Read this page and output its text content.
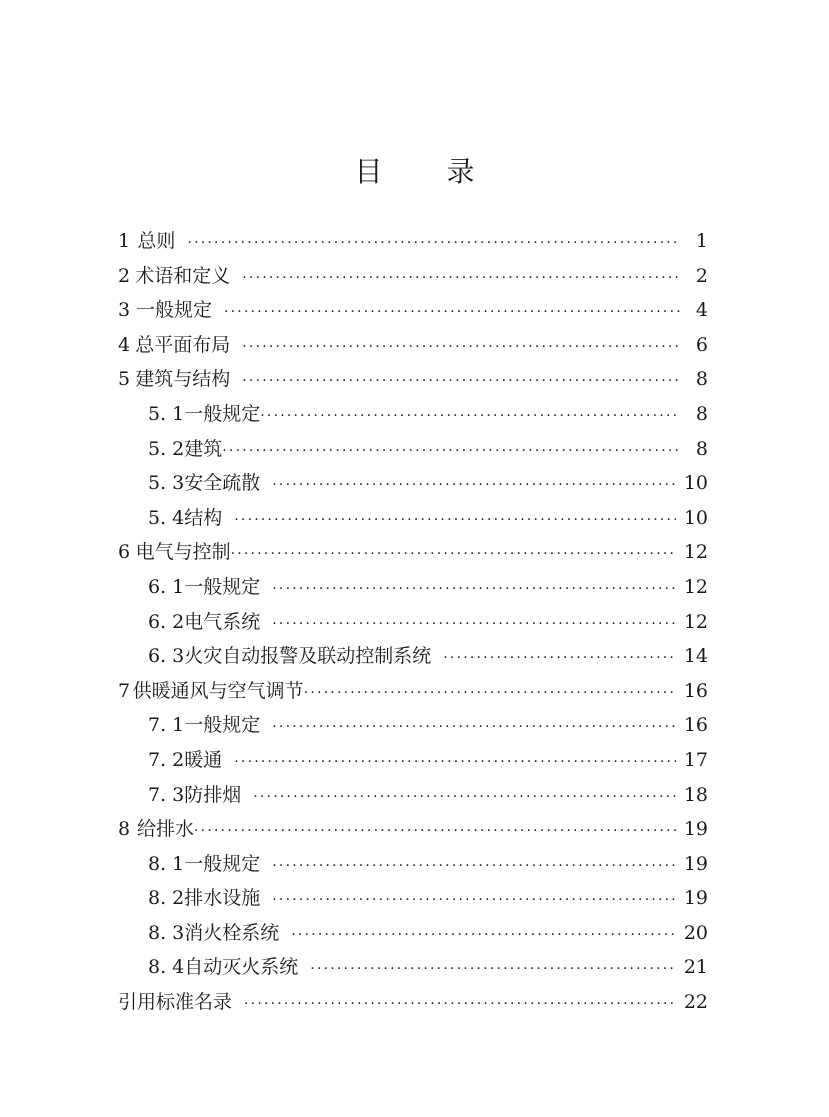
目 录
1 总则 ·····	1
2 术语和定义 ·····	2
3 一般规定 ·····	4
4 总平面布局 ·····	6
5 建筑与结构 ·····	8
5. 1 一般规定 ·····	8
5. 2 建筑 ·····	8
5. 3 安全疏散 ·····	10
5. 4 结构 ·····	10
6 电气与控制 ·····	12
6. 1 一般规定 ·····	12
6. 2 电气系统 ·····	12
6. 3 火灾自动报警及联动控制系统 ·····	14
7 供暖通风与空气调节 ·····	16
7. 1 一般规定 ·····	16
7. 2 暖通 ·····	17
7. 3 防排烟 ·····	18
8 给排水 ·····	19
8. 1 一般规定 ·····	19
8. 2 排水设施 ·····	19
8. 3 消火栓系统 ·····	20
8. 4 自动灭火系统 ·····	21
引用标准名录 ·····	22
